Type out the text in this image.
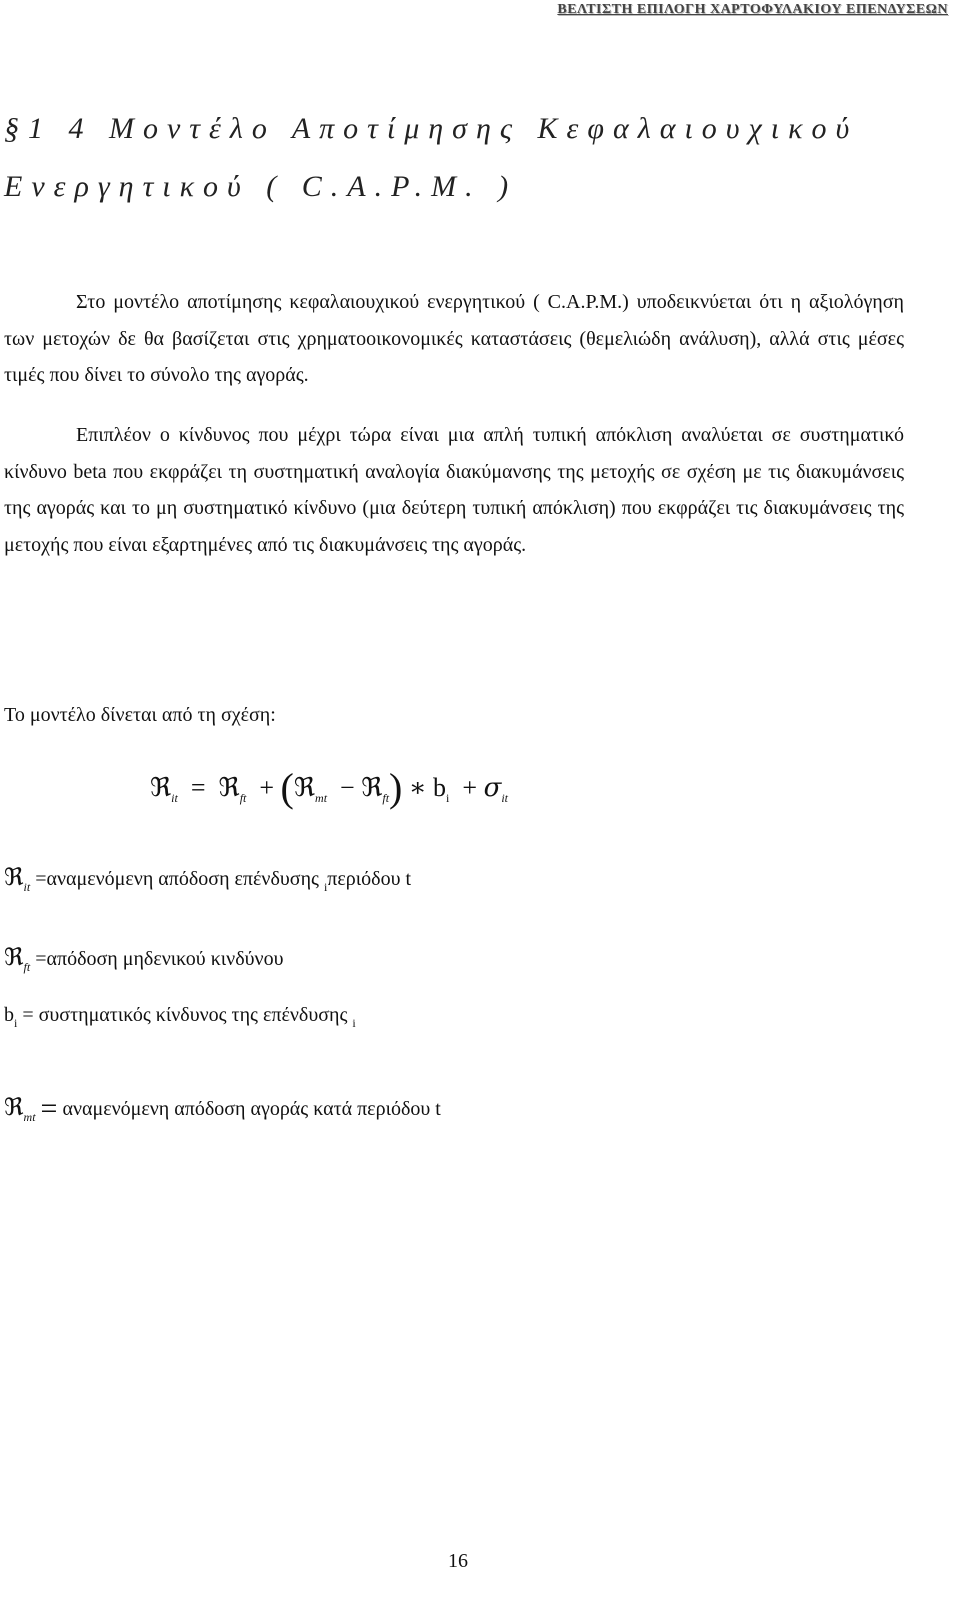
ΒΕΛΤΙΣΤΗ ΕΠΙΛΟΓΗ ΧΑΡΤΟΦΥΛΑΚΙΟΥ ΕΠΕΝΔΥΣΕΩΝ
§1 4 Μοντέλο Αποτίμησης Κεφαλαιουχικού
Ενεργητικού ( C.A.P.M. )

Στο μοντέλο αποτίμησης κεφαλαιουχικού ενεργητικού ( C.A.P.M.) υποδεικνύεται ότι η αξιολόγηση των μετοχών δε θα βασίζεται στις χρηματοοικονομικές καταστάσεις (θεμελιώδη ανάλυση), αλλά στις μέσες τιμές που δίνει το σύνολο της αγοράς.

Επιπλέον ο κίνδυνος που μέχρι τώρα είναι μια απλή τυπική απόκλιση αναλύεται σε συστηματικό κίνδυνο beta που εκφράζει τη συστηματική αναλογία διακύμανσης της μετοχής σε σχέση με τις διακυμάνσεις της αγοράς και το μη συστηματικό κίνδυνο (μια δεύτερη τυπική απόκλιση) που εκφράζει τις διακυμάνσεις της μετοχής που είναι εξαρτημένες από τις διακυμάνσεις της αγοράς.

Το μοντέλο δίνεται από τη σχέση:
ℜ$_{it}$ = ℜ$_{ft}$ + (ℜ$_{mt}$ − ℜ$_{ft}$) ∗ $b_i + \sigma_{it}$
ℜ$_{it}$ =αναμενόμενη απόδοση επένδυσης $_i$περιόδου t
ℜ$_{ft}$ =απόδοση μηδενικού κινδύνου
$b_i = \sigma\upsilon\sigma\tau\eta\mu\alpha\tau\iota\kappa ό\varsigma$ κίνδυνος της επένδυσης $_i$
ℜ$_{mt}$ = αναμενόμενη απόδοση αγοράς κατά περιόδου t
16
